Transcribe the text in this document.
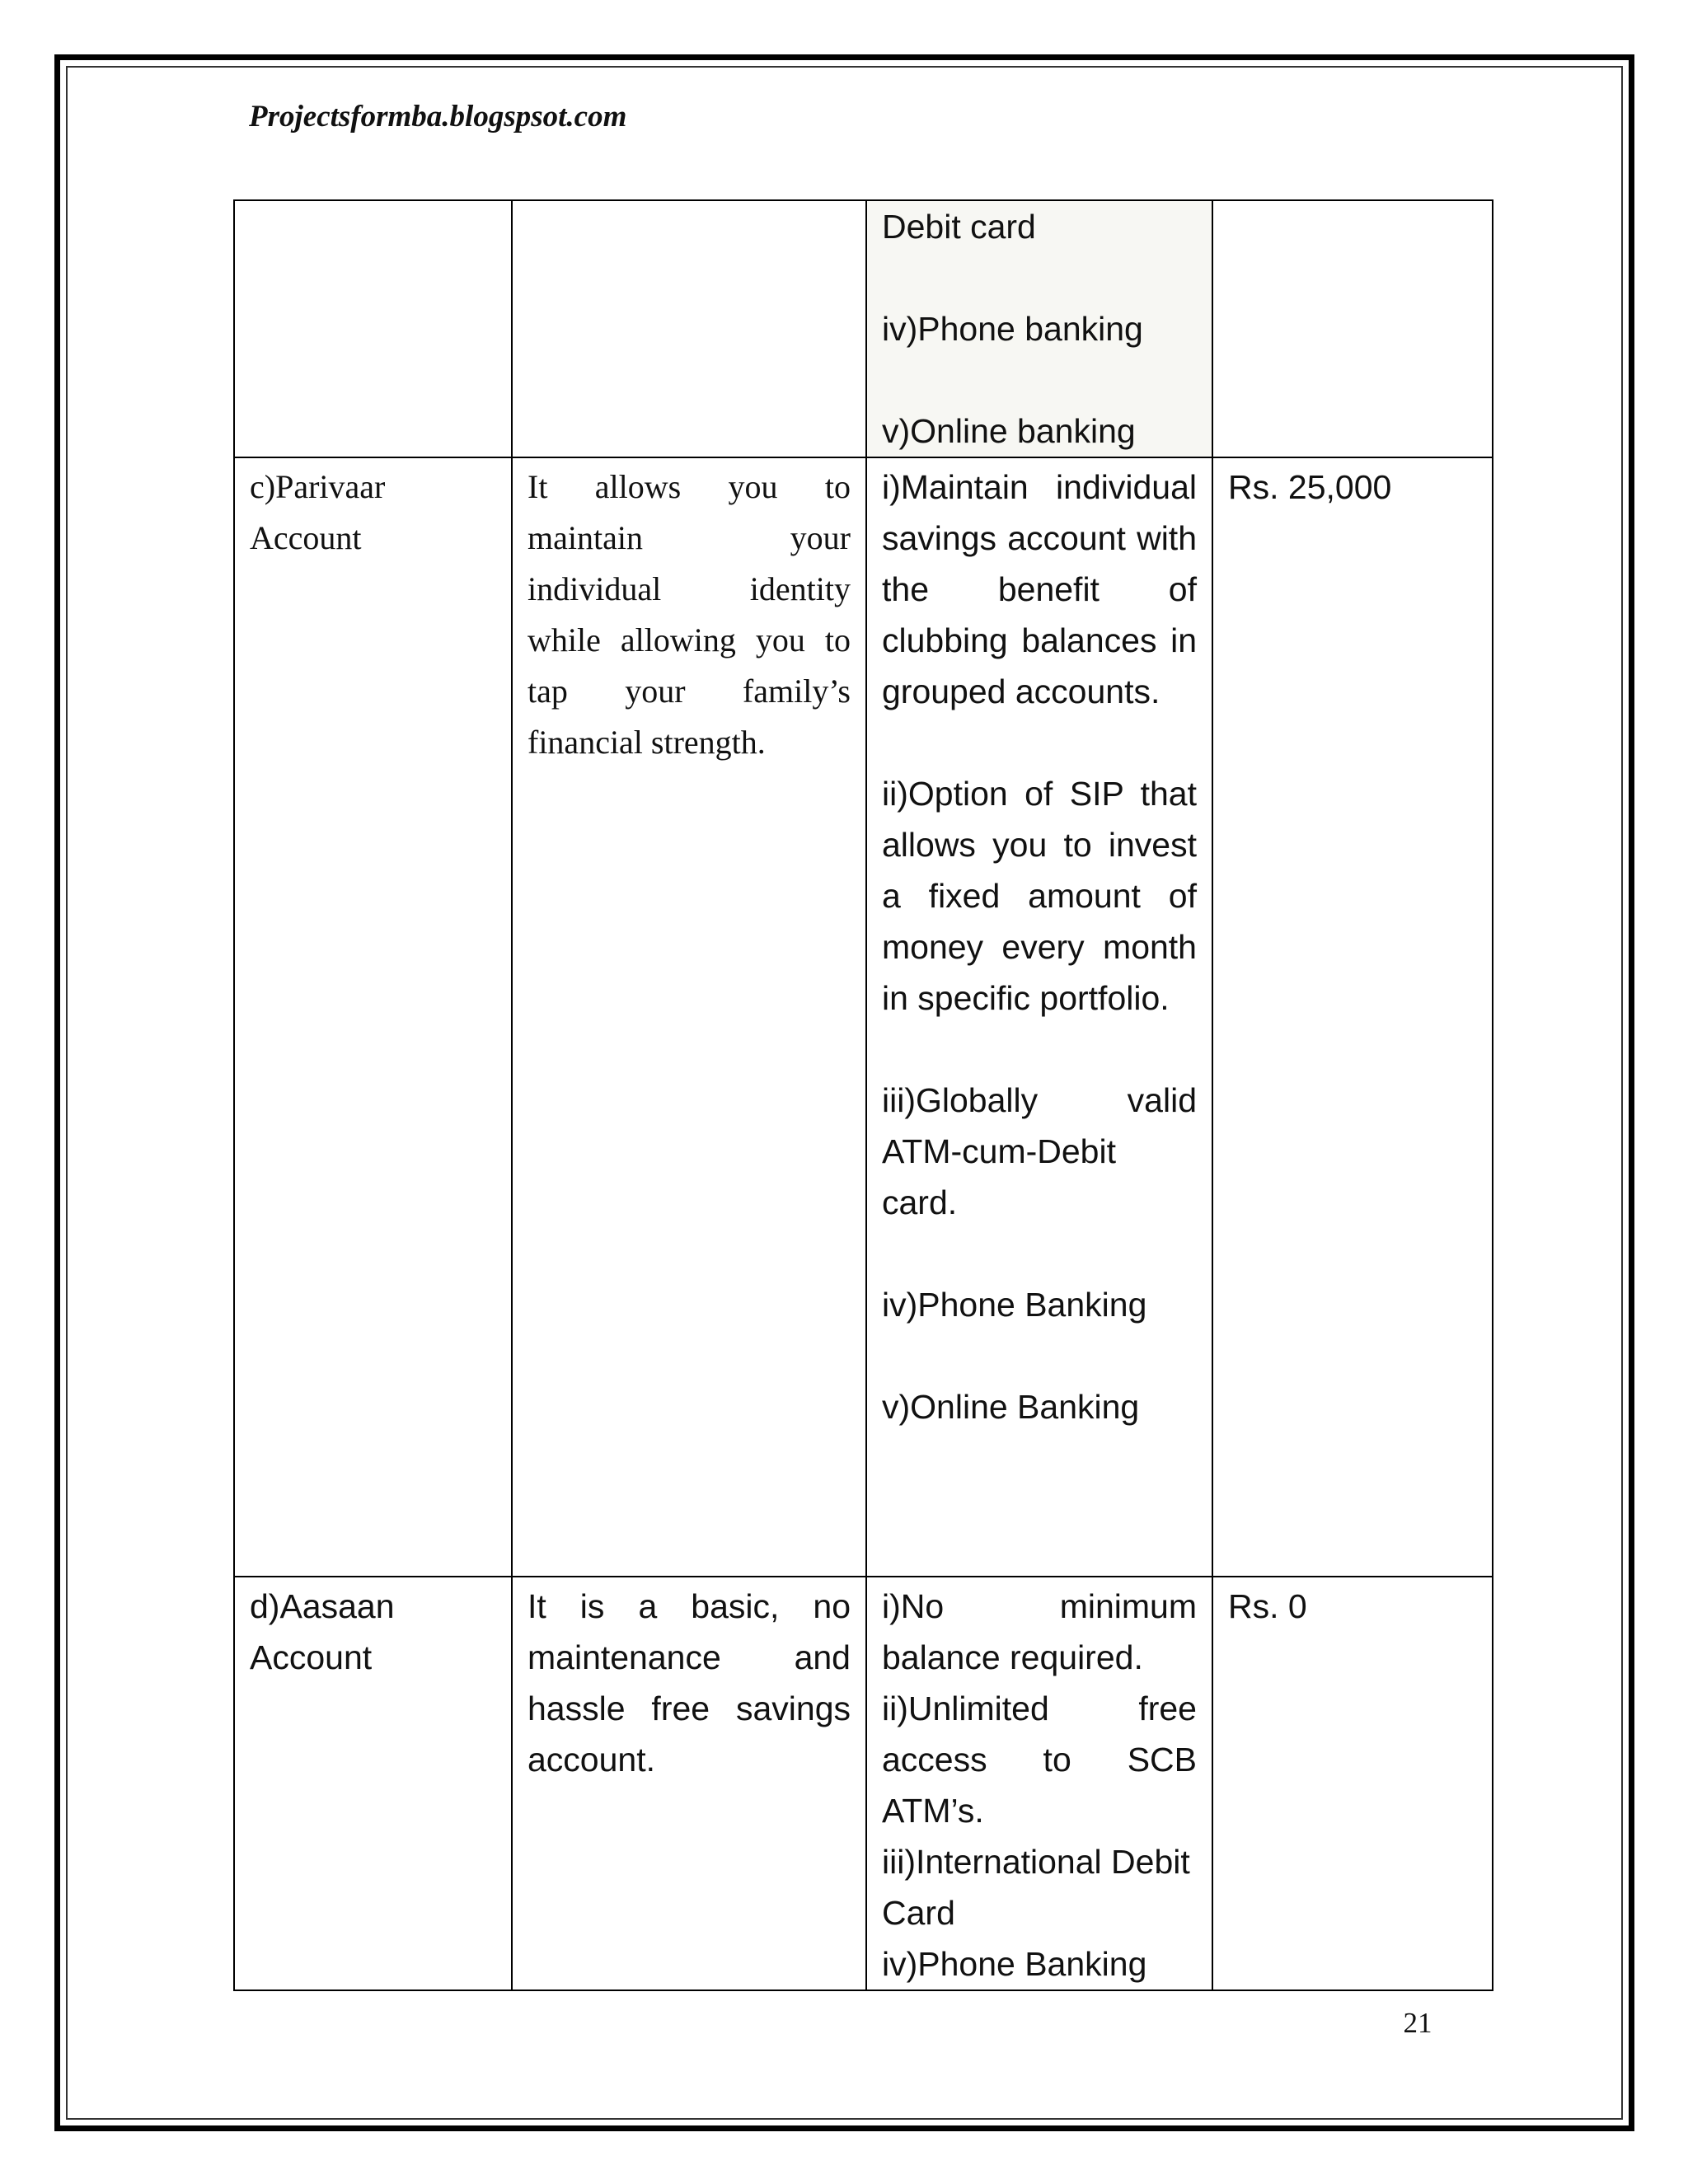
Projectsformba.blogspsot.com

		Debit card

iv)Phone banking

v)Online banking	

c)Parivaar Account	It allows you to maintain your individual identity while allowing you to tap your family’s financial strength.	i)Maintain individual savings account with the benefit of clubbing balances in grouped accounts.

ii)Option of SIP that allows you to invest a fixed amount of money every month in specific portfolio.

iii)Globally valid ATM-cum-Debit card.

iv)Phone Banking

v)Online Banking	Rs. 25,000
d)Aasaan Account	It is a basic, no maintenance and hassle free savings account.	i)No minimum balance required.

ii)Unlimited free access to SCB ATM’s.

iii)International Debit Card

iv)Phone Banking	Rs. 0
21
